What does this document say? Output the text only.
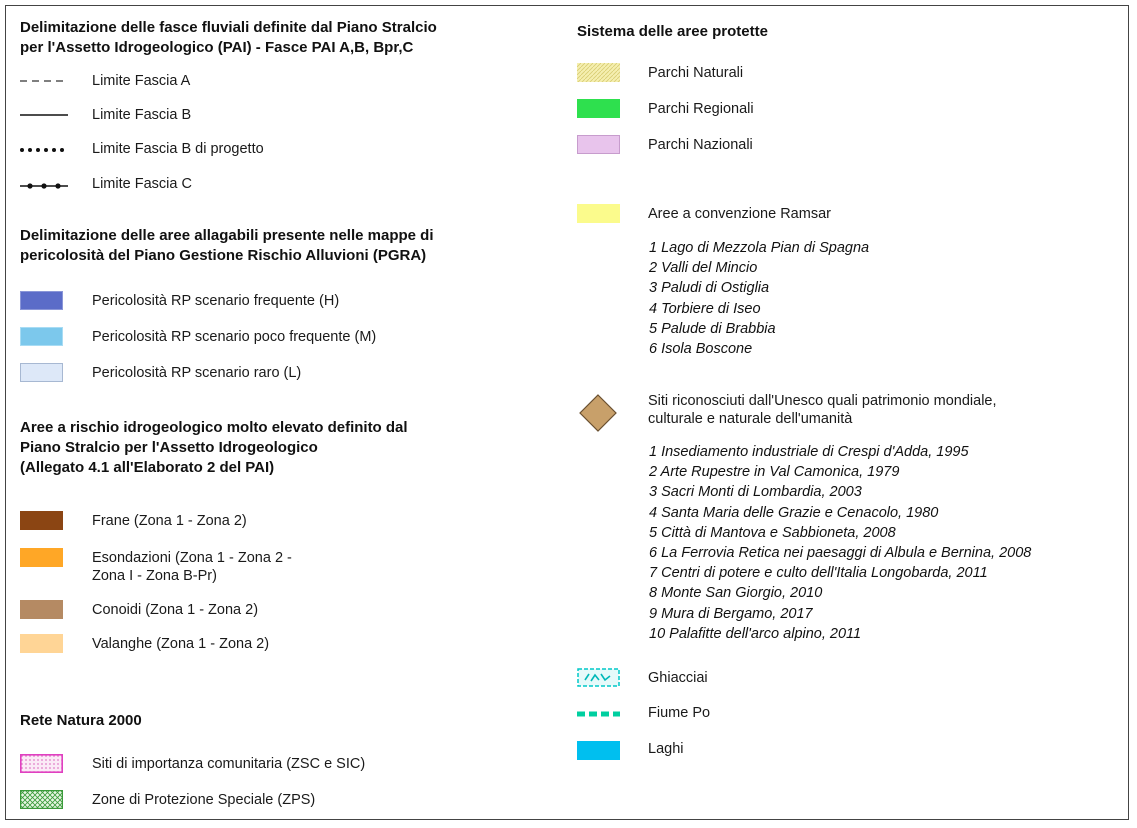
Delimitazione delle fasce fluviali definite dal Piano Stralcio
per l'Assetto Idrogeologico (PAI) - Fasce PAI A,B, Bpr,C
Limite Fascia A
Limite Fascia B
Limite Fascia B di progetto
Limite Fascia C
Delimitazione delle aree allagabili presente nelle mappe di
pericolosità del Piano Gestione Rischio Alluvioni (PGRA)
Pericolosità RP scenario frequente (H)
Pericolosità RP scenario poco frequente (M)
Pericolosità RP scenario raro (L)
Aree a rischio idrogeologico molto elevato definito dal
Piano Stralcio per l'Assetto Idrogeologico
(Allegato 4.1 all'Elaborato 2 del PAI)
Frane (Zona 1 - Zona 2)
Esondazioni (Zona 1 - Zona 2 -
Zona I - Zona B-Pr)
Conoidi (Zona 1 - Zona 2)
Valanghe (Zona 1 - Zona 2)
Rete Natura 2000
Siti di importanza comunitaria (ZSC e SIC)
Zone di Protezione Speciale (ZPS)
Sistema delle aree protette
Parchi Naturali
Parchi Regionali
Parchi Nazionali
Aree a convenzione Ramsar
1 Lago di Mezzola Pian di Spagna
2 Valli del Mincio
3 Paludi di Ostiglia
4 Torbiere di Iseo
5 Palude di Brabbia
6 Isola Boscone
Siti riconosciuti dall'Unesco quali patrimonio mondiale,
culturale e naturale dell'umanità
1 Insediamento industriale di Crespi d'Adda, 1995
2 Arte Rupestre in Val Camonica, 1979
3 Sacri Monti di Lombardia, 2003
4 Santa Maria delle Grazie e Cenacolo, 1980
5 Città di Mantova e Sabbioneta, 2008
6 La Ferrovia Retica nei paesaggi di Albula e Bernina, 2008
7 Centri di potere e culto dell'Italia Longobarda, 2011
8 Monte San Giorgio, 2010
9 Mura di Bergamo, 2017
10 Palafitte dell'arco alpino, 2011
Ghiacciai
Fiume Po
Laghi
